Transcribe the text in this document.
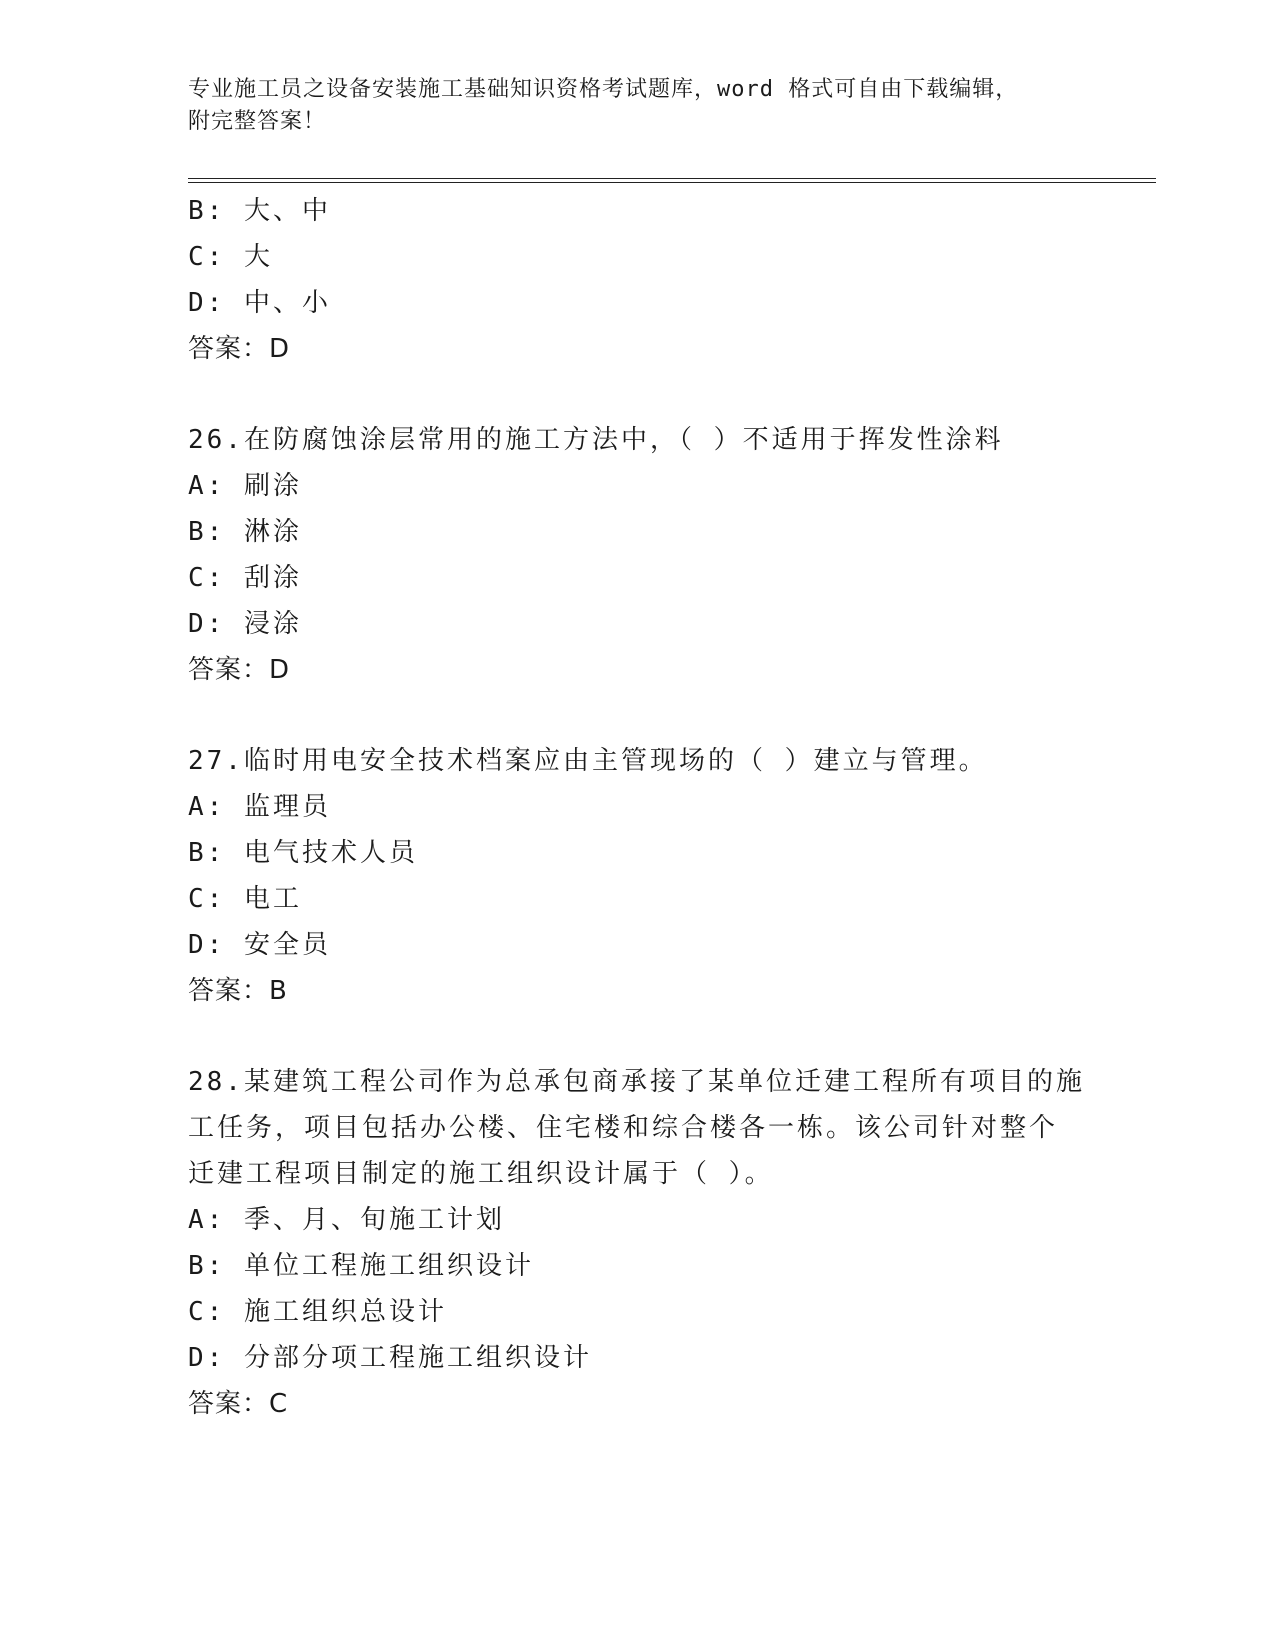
专业施工员之设备安装施工基础知识资格考试题库，word 格式可自由下载编辑，
附完整答案！
B: 大、中
C: 大
D: 中、小
答案：D
26.在防腐蚀涂层常用的施工方法中，（ ）不适用于挥发性涂料
A: 刷涂
B: 淋涂
C: 刮涂
D: 浸涂
答案：D
27.临时用电安全技术档案应由主管现场的（ ）建立与管理。
A: 监理员
B: 电气技术人员
C: 电工
D: 安全员
答案：B
28.某建筑工程公司作为总承包商承接了某单位迁建工程所有项目的施
工任务，项目包括办公楼、住宅楼和综合楼各一栋。该公司针对整个
迁建工程项目制定的施工组织设计属于（ ）。
A: 季、月、旬施工计划
B: 单位工程施工组织设计
C: 施工组织总设计
D: 分部分项工程施工组织设计
答案：C
